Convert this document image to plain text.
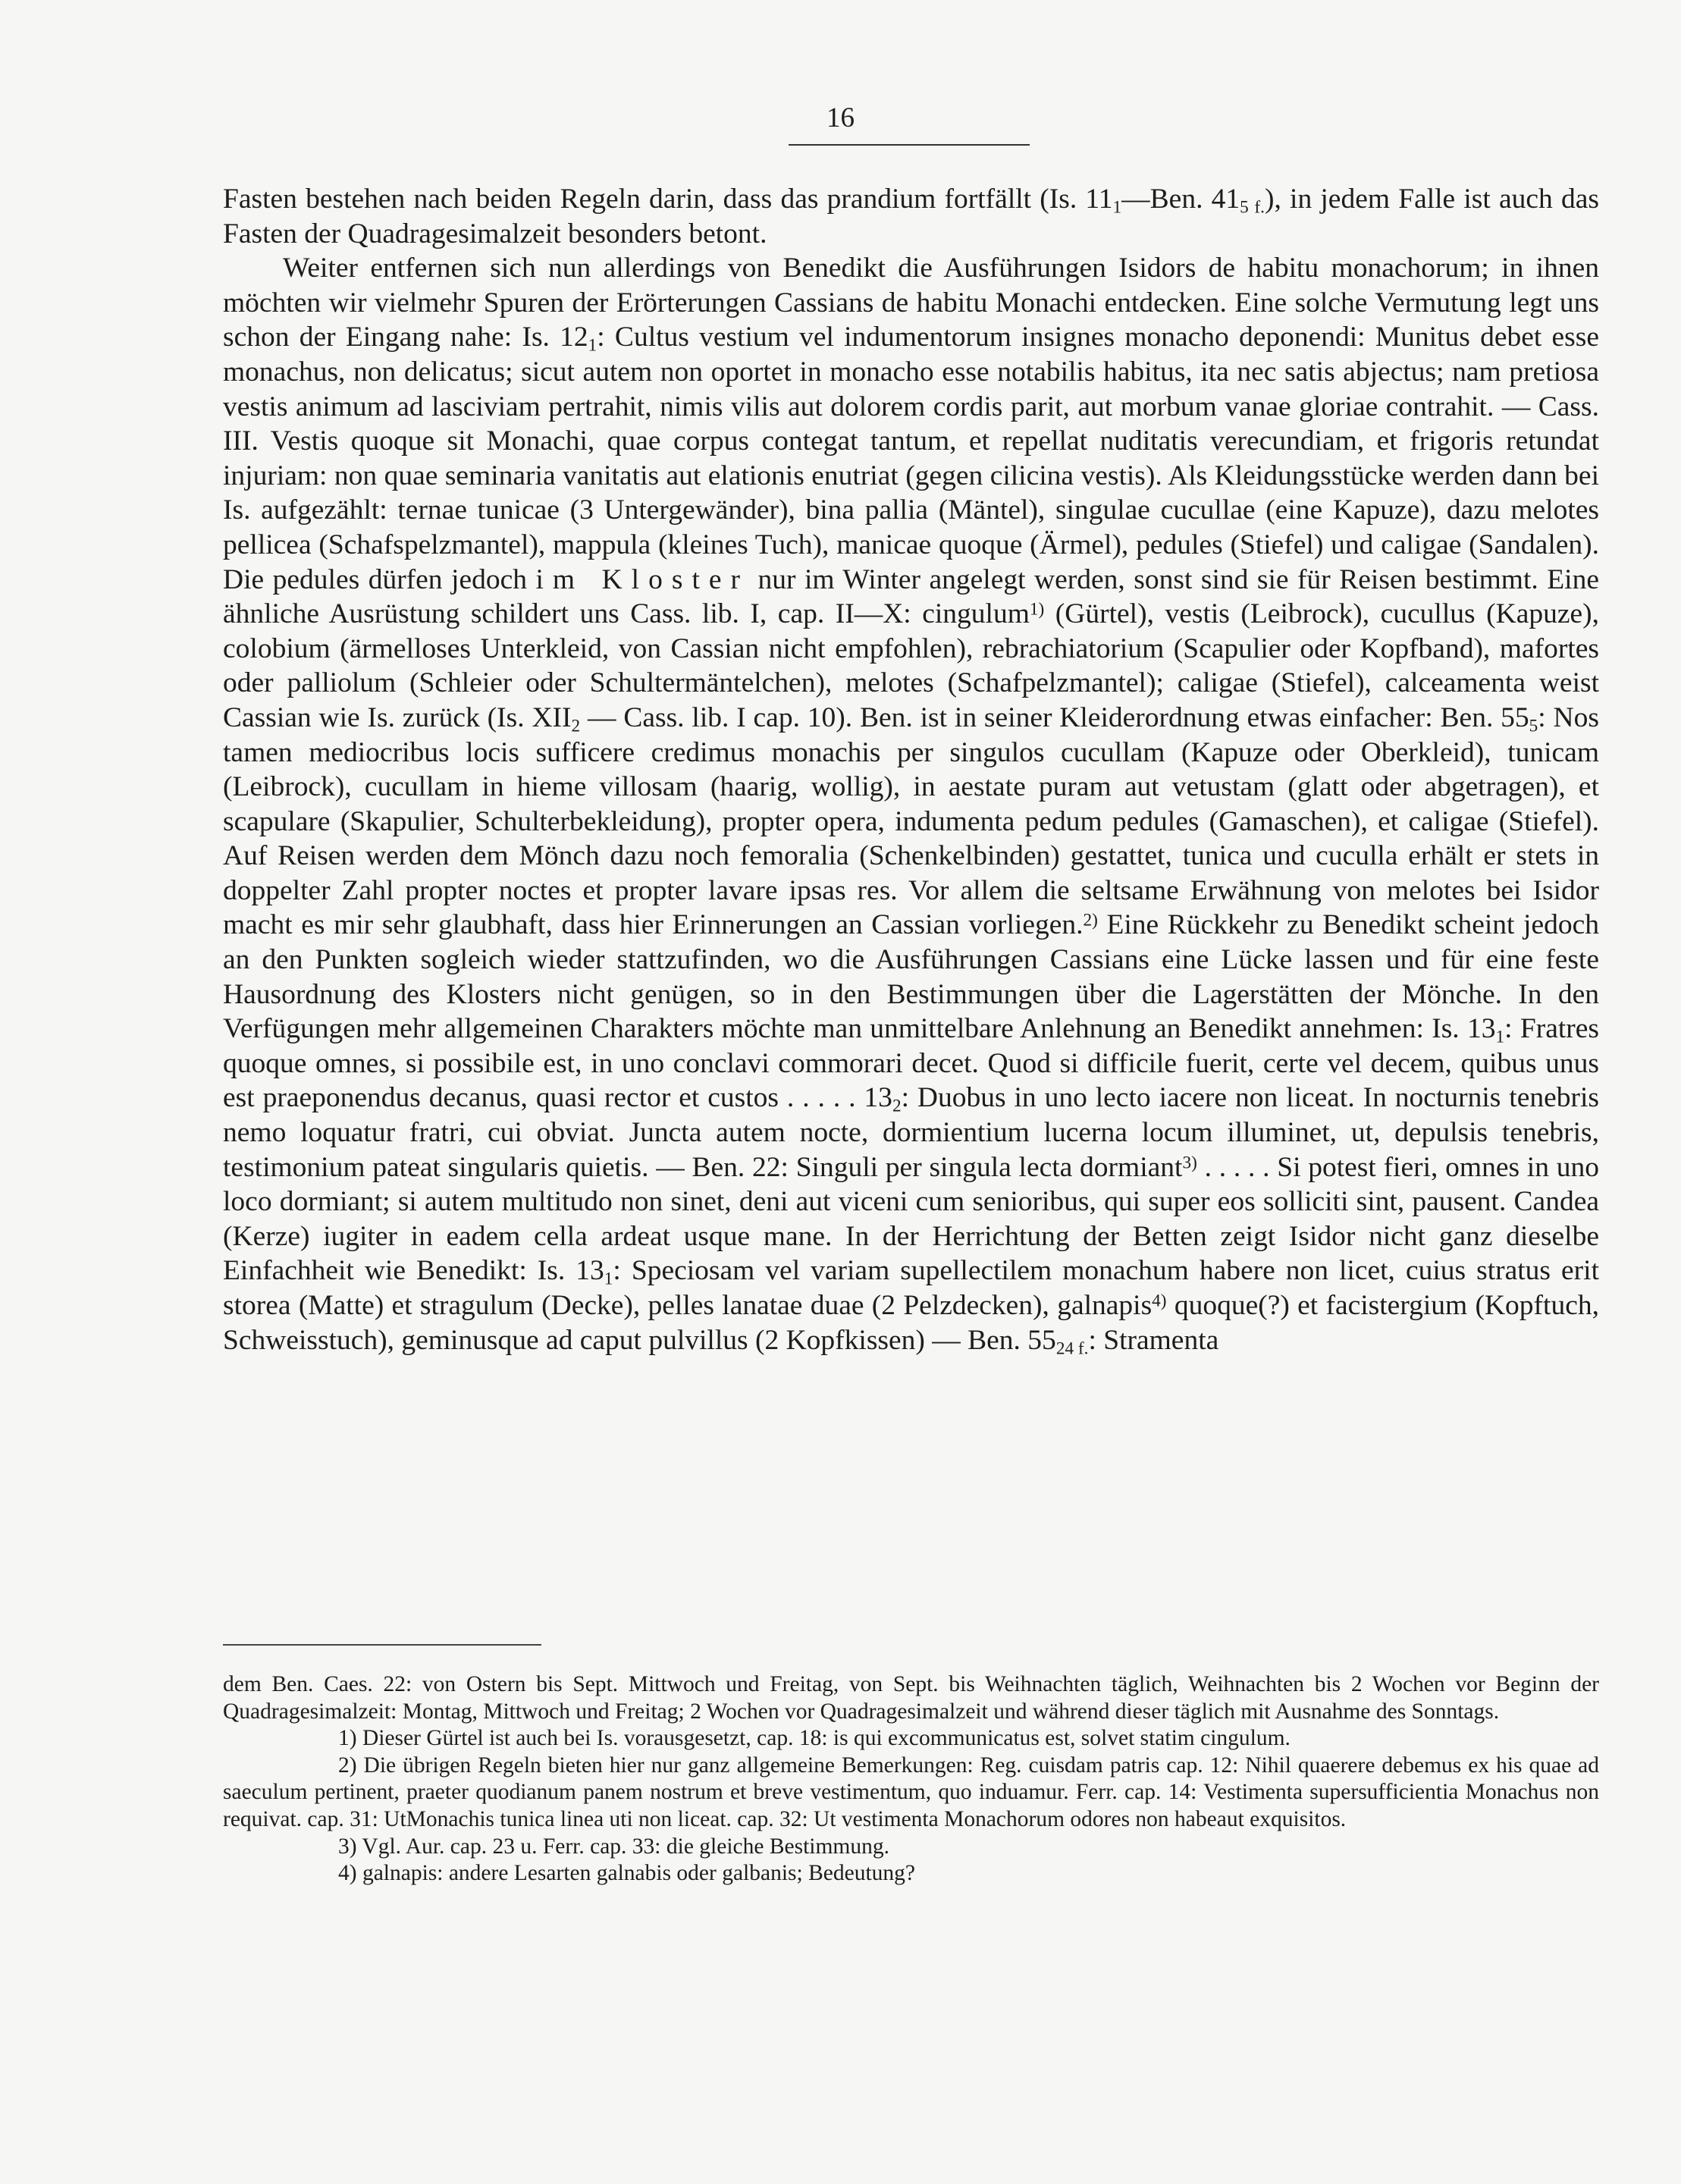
16

Fasten bestehen nach beiden Regeln darin, dass das prandium fortfällt (Is. $11_1—Ben$. $41_{5 f.}$), in jedem Falle ist auch das Fasten der Quadragesimalzeit besonders betont.

Weiter entfernen sich nun allerdings von Benedikt die Ausführungen Isidors de habitu monachorum; in ihnen möchten wir vielmehr Spuren der Erörterungen Cassians de habitu Monachi entdecken. Eine solche Vermutung legt uns schon der Eingang nahe: Is. $12_1$: Cultus vestium vel indumentorum insignes monacho deponendi: Munitus debet esse monachus, non delicatus; sicut autem non oportet in monacho esse notabilis habitus, ita nec satis abjectus; nam pretiosa vestis animum ad lasciviam pertrahit, nimis vilis aut dolorem cordis parit, aut morbum vanae gloriae contrahit. — Cass. III. Vestis quoque sit Monachi, quae corpus contegat tantum, et repellat nuditatis verecundiam, et frigoris retundat injuriam: non quae seminaria vanitatis aut elationis enutriat (gegen cilicina vestis). Als Kleidungsstücke werden dann bei Is. aufgezählt: ternae tunicae (3 Untergewänder), bina pallia (Mäntel), singulae cucullae (eine Kapuze), dazu melotes pellicea (Schafspelzmantel), mappula (kleines Tuch), manicae quoque (Ärmel), pedules (Stiefel) und caligae (Sandalen). Die pedules dürfen jedoch im Kloster nur im Winter angelegt werden, sonst sind sie für Reisen bestimmt. Eine ähnliche Ausrüstung schildert uns Cass. lib. I, cap. II—X: cingulum$^{1)}$ (Gürtel), vestis (Leibrock), cucullus (Kapuze), colobium (ärmelloses Unterkleid, von Cassian nicht empfohlen), rebrachiatorium (Scapulier oder Kopfband), mafortes oder palliolum (Schleier oder Schultermäntelchen), melotes (Schafpelzmantel); caligae (Stiefel), calceamenta weist Cassian wie Is. zurück (Is. $XII_2$ — Cass. lib. I cap. 10). Ben. ist in seiner Kleiderordnung etwas einfacher: Ben. $55_5$: Nos tamen mediocribus locis sufficere credimus monachis per singulos cucullam (Kapuze oder Oberkleid), tunicam (Leibrock), cucullam in hieme villosam (haarig, wollig), in aestate puram aut vetustam (glatt oder abgetragen), et scapulare (Skapulier, Schulterbekleidung), propter opera, indumenta pedum pedules (Gamaschen), et caligae (Stiefel). Auf Reisen werden dem Mönch dazu noch femoralia (Schenkelbinden) gestattet, tunica und cuculla erhält er stets in doppelter Zahl propter noctes et propter lavare ipsas res. Vor allem die seltsame Erwähnung von melotes bei Isidor macht es mir sehr glaubhaft, dass hier Erinnerungen an Cassian vorliegen.$^{2)}$ Eine Rückkehr zu Benedikt scheint jedoch an den Punkten sogleich wieder stattzufinden, wo die Ausführungen Cassians eine Lücke lassen und für eine feste Hausordnung des Klosters nicht genügen, so in den Bestimmungen über die Lagerstätten der Mönche. In den Verfügungen mehr allgemeinen Charakters möchte man unmittelbare Anlehnung an Benedikt annehmen: Is. $13_1$: Fratres quoque omnes, si possibile est, in uno conclavi commorari decet. Quod si difficile fuerit, certe vel decem, quibus unus est praeponendus decanus, quasi rector et custos . . . . . $13_2$: Duobus in uno lecto iacere non liceat. In nocturnis tenebris nemo loquatur fratri, cui obviat. Juncta autem nocte, dormientium lucerna locum illuminet, ut, depulsis tenebris, testimonium pateat singularis quietis. — Ben. 22: Singuli per singula lecta dormiant$^{3)}$ . . . . . Si potest fieri, omnes in uno loco dormiant; si autem multitudo non sinet, deni aut viceni cum senioribus, qui super eos solliciti sint, pausent. Candea (Kerze) iugiter in eadem cella ardeat usque mane. In der Herrichtung der Betten zeigt Isidor nicht ganz dieselbe Einfachheit wie Benedikt: Is. $13_1$: Speciosam vel variam supellectilem monachum habere non licet, cuius stratus erit storea (Matte) et stragulum (Decke), pelles lanatae duae (2 Pelzdecken), galnapis$^{4)}$ quoque(?) et facistergium (Kopftuch, Schweisstuch), geminusque ad caput pulvillus (2 Kopfkissen) — Ben. $55_{24 f.}$: Stramenta

dem Ben. Caes. 22: von Ostern bis Sept. Mittwoch und Freitag, von Sept. bis Weihnachten täglich, Weihnachten bis 2 Wochen vor Beginn der Quadragesimalzeit: Montag, Mittwoch und Freitag; 2 Wochen vor Quadragesimalzeit und während dieser täglich mit Ausnahme des Sonntags.

1) Dieser Gürtel ist auch bei Is. vorausgesetzt, cap. 18: is qui excommunicatus est, solvet statim cingulum.

2) Die übrigen Regeln bieten hier nur ganz allgemeine Bemerkungen: Reg. cuisdam patris cap. 12: Nihil quaerere debemus ex his quae ad saeculum pertinent, praeter quodianum panem nostrum et breve vestimentum, quo induamur. Ferr. cap. 14: Vestimenta supersufficientia Monachus non requivat. cap. 31: UtMonachis tunica linea uti non liceat. cap. 32: Ut vestimenta Monachorum odores non habeaut exquisitos.

3) Vgl. Aur. cap. 23 u. Ferr. cap. 33: die gleiche Bestimmung.

4) galnapis: andere Lesarten galnabis oder galbanis; Bedeutung?
